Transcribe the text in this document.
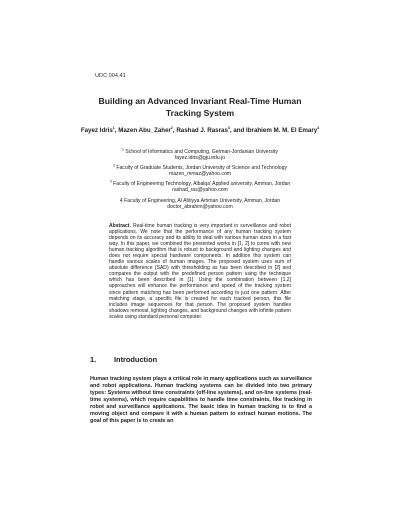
UDC 004.41
Building an Advanced Invariant Real-Time Human Tracking System
Fayez Idris$^1$, Mazen Abu_Zaher$^2$, Rashad J. Rasras$^3$, and Ibrahiem M. M. El Emary$^4$
$^1$ School of Informatics and Computing, German-Jordanian University
fayez.idris@gju.edu.jo
$^2$ Faculty of Graduate Students, Jordan University of Science and Technology
mazen_mmaz@yahoo.com
$^3$ Faculty of Engineering Technology, Albalqa' Applied university, Amman, Jordan
rashad_ras@yahoo.com
4 Faculty of Engineering, Al Ahliyya Amman University, Amman, Jordan
doctor_abrahim@yahoo.com
Abstract. Real-time human tracking is very important in surveillance and robot applications. We note that the performance of any human tracking system depends on its accuracy and its ability to deal with various human sizes in a fast way. In this paper, we combined the presented works in [1, 2] to come with new human tracking algorithm that is robust to background and lighting changes and does not require special hardware components. In addition this system can handle various scales of human images. The proposed system uses sum of absolute difference (SAD) with thresholding as has been described in [2] and compares the output with the predefined person pattern using the technique which has been described in [1]. Using the combination between [1,2] approaches will enhance the performance and speed of the tracking system since pattern matching has been performed according to just one pattern. After matching stage, a specific file is created for each tracked person, this file includes image sequences for that person. The proposed system handles shadows removal, lighting changes, and background changes with infinite pattern scales using standard personal computer.
1. Introduction
Human tracking system plays a critical role in many applications such as surveillance and robot applications. Human tracking systems can be divided into two primary types: Systems without time constraints (off-line systems), and on-line systems (real-time systems), which require capabilities to handle time constraints, like tracking in robot and surveillance applications. The basic idea in human tracking is to find a moving object and compare it with a human pattern to extract human motions. The goal of this paper is to create an
